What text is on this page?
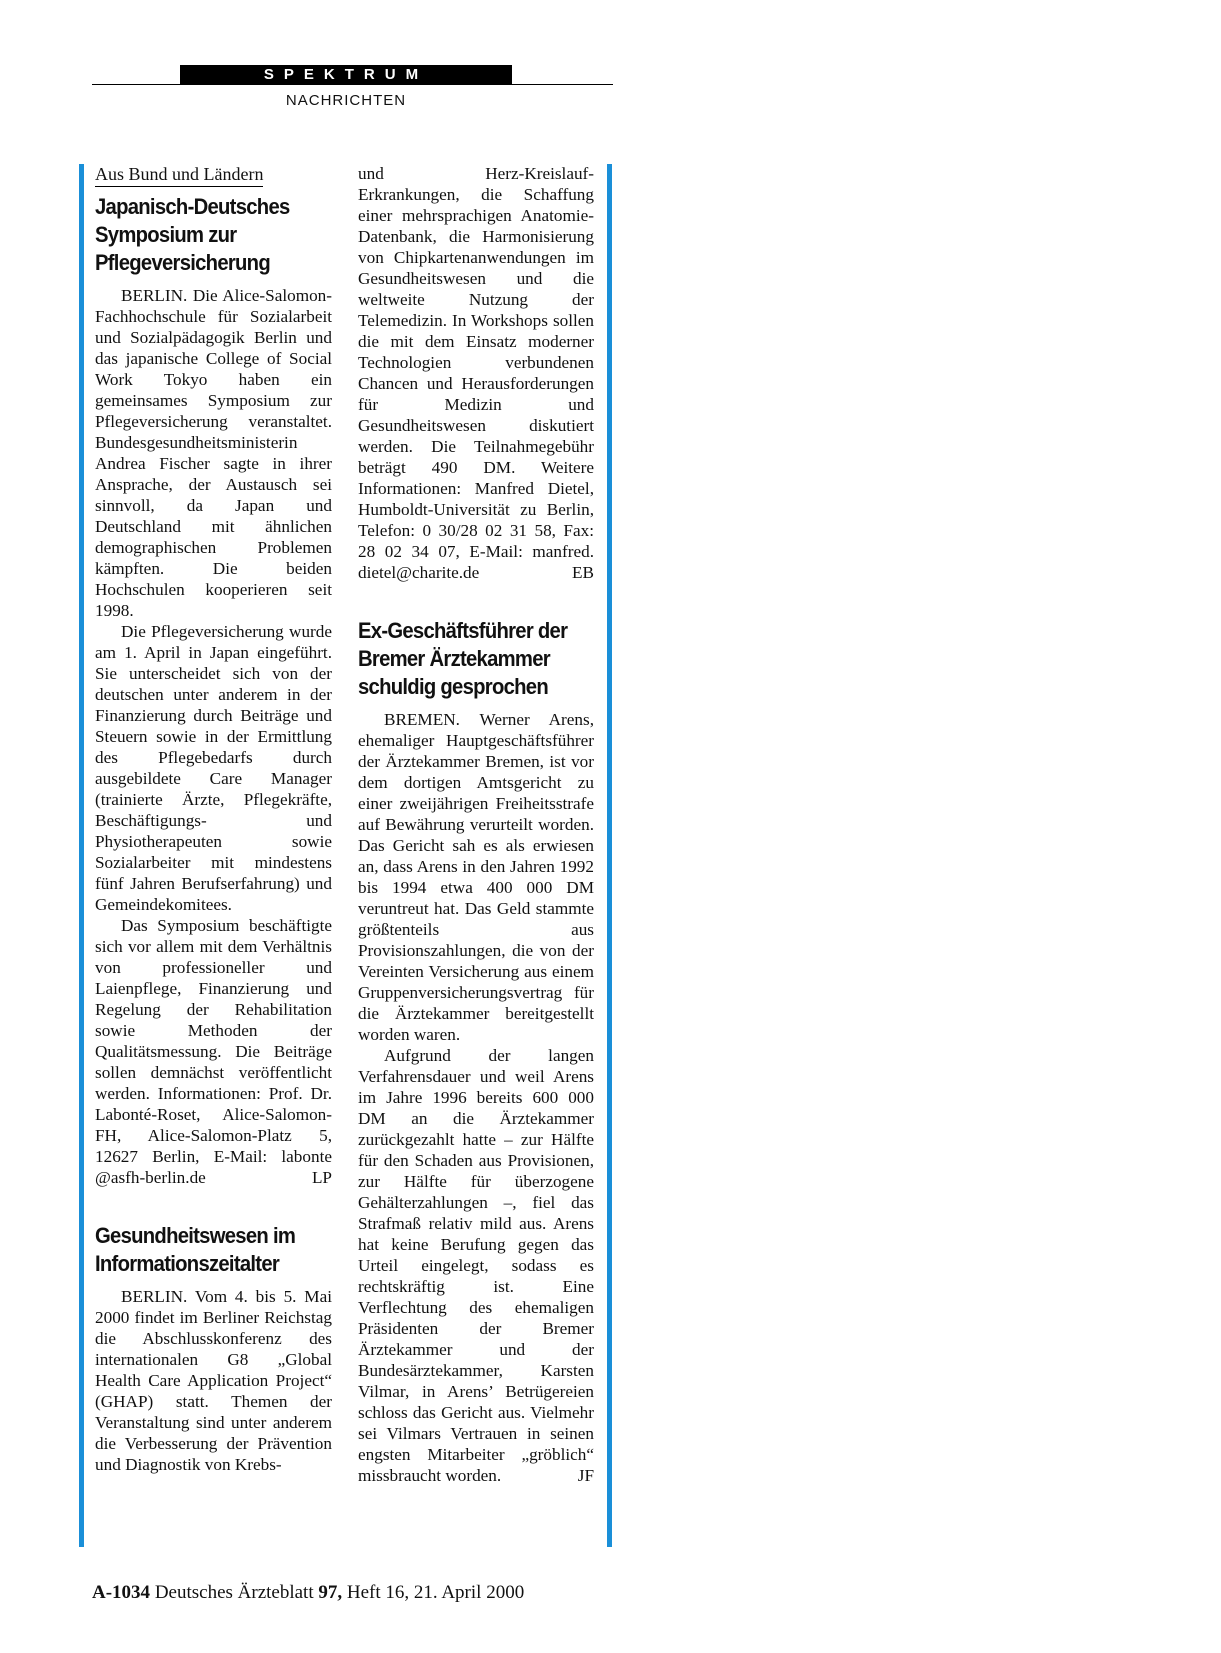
SPEKTRUM
NACHRICHTEN
Aus Bund und Ländern
Japanisch-Deutsches Symposium zur Pflegeversicherung

BERLIN. Die Alice-Salomon-Fachhochschule für Sozialarbeit und Sozialpädagogik Berlin und das japanische College of Social Work Tokyo haben ein gemeinsames Symposium zur Pflegeversicherung veranstaltet. Bundesgesundheitsministerin Andrea Fischer sagte in ihrer Ansprache, der Austausch sei sinnvoll, da Japan und Deutschland mit ähnlichen demographischen Problemen kämpften. Die beiden Hochschulen kooperieren seit 1998.

Die Pflegeversicherung wurde am 1. April in Japan eingeführt. Sie unterscheidet sich von der deutschen unter anderem in der Finanzierung durch Beiträge und Steuern sowie in der Ermittlung des Pflegebedarfs durch ausgebildete Care Manager (trainierte Ärzte, Pflegekräfte, Beschäftigungs- und Physiotherapeuten sowie Sozialarbeiter mit mindestens fünf Jahren Berufserfahrung) und Gemeindekomitees.

Das Symposium beschäftigte sich vor allem mit dem Verhältnis von professioneller und Laienpflege, Finanzierung und Regelung der Rehabilitation sowie Methoden der Qualitätsmessung. Die Beiträge sollen demnächst veröffentlicht werden. Informationen: Prof. Dr. Labonté-Roset, Alice-Salomon-FH, Alice-Salomon-Platz 5, 12627 Berlin, E-Mail: labonte @asfh-berlin.de	LP

Gesundheitswesen im Informationszeitalter

BERLIN. Vom 4. bis 5. Mai 2000 findet im Berliner Reichstag die Abschlusskonferenz des internationalen G8 „Global Health Care Application Project“ (GHAP) statt. Themen der Veranstaltung sind unter anderem die Verbesserung der Prävention und Diagnostik von Krebs-

und Herz-Kreislauf-Erkrankungen, die Schaffung einer mehrsprachigen Anatomie-Datenbank, die Harmonisierung von Chipkartenanwendungen im Gesundheitswesen und die weltweite Nutzung der Telemedizin. In Workshops sollen die mit dem Einsatz moderner Technologien verbundenen Chancen und Herausforderungen für Medizin und Gesundheitswesen diskutiert werden. Die Teilnahmegebühr beträgt 490 DM. Weitere Informationen: Manfred Dietel, Humboldt-Universität zu Berlin, Telefon: 0 30/28 02 31 58, Fax: 28 02 34 07, E-Mail: manfred. dietel@charite.de	EB

Ex-Geschäftsführer der Bremer Ärztekammer schuldig gesprochen

BREMEN. Werner Arens, ehemaliger Hauptgeschäftsführer der Ärztekammer Bremen, ist vor dem dortigen Amtsgericht zu einer zweijährigen Freiheitsstrafe auf Bewährung verurteilt worden. Das Gericht sah es als erwiesen an, dass Arens in den Jahren 1992 bis 1994 etwa 400 000 DM veruntreut hat. Das Geld stammte größtenteils aus Provisionszahlungen, die von der Vereinten Versicherung aus einem Gruppenversicherungsvertrag für die Ärztekammer bereitgestellt worden waren.

Aufgrund der langen Verfahrensdauer und weil Arens im Jahre 1996 bereits 600 000 DM an die Ärztekammer zurückgezahlt hatte – zur Hälfte für den Schaden aus Provisionen, zur Hälfte für überzogene Gehälterzahlungen –, fiel das Strafmaß relativ mild aus. Arens hat keine Berufung gegen das Urteil eingelegt, sodass es rechtskräftig ist. Eine Verflechtung des ehemaligen Präsidenten der Bremer Ärztekammer und der Bundesärztekammer, Karsten Vilmar, in Arens’ Betrügereien schloss das Gericht aus. Vielmehr sei Vilmars Vertrauen in seinen engsten Mitarbeiter „gröblich“ missbraucht worden.	JF

A-1034 Deutsches Ärzteblatt 97, Heft 16, 21. April 2000
